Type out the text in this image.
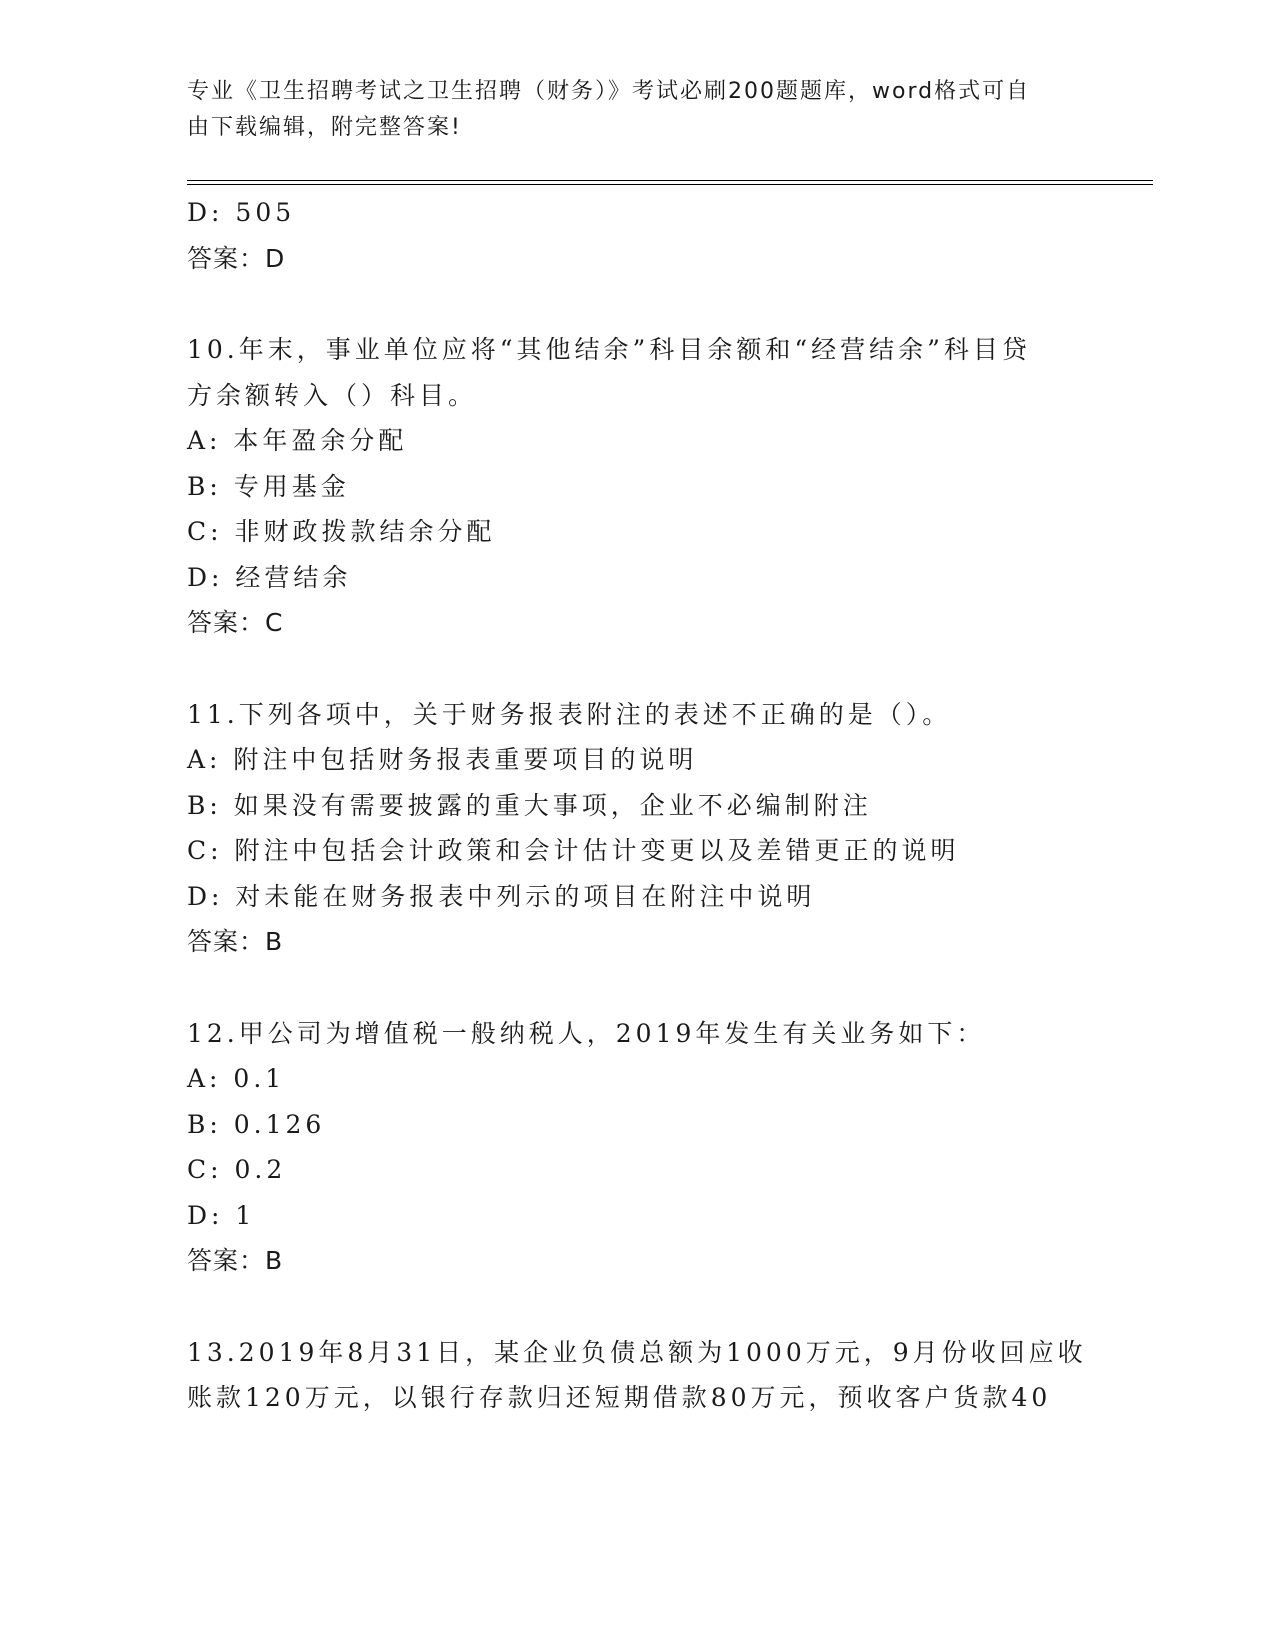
专业《卫生招聘考试之卫生招聘（财务）》考试必刷200题题库，word格式可自
由下载编辑，附完整答案!
D: 505
答案：D
10.年末，事业单位应将“其他结余”科目余额和“经营结余”科目贷
方余额转入（）科目。
A: 本年盈余分配
B: 专用基金
C: 非财政拨款结余分配
D: 经营结余
答案：C
11.下列各项中，关于财务报表附注的表述不正确的是（）。
A: 附注中包括财务报表重要项目的说明
B: 如果没有需要披露的重大事项，企业不必编制附注
C: 附注中包括会计政策和会计估计变更以及差错更正的说明
D: 对未能在财务报表中列示的项目在附注中说明
答案：B
12.甲公司为增值税一般纳税人，2019年发生有关业务如下：
A: 0.1
B: 0.126
C: 0.2
D: 1
答案：B
13.2019年8月31日，某企业负债总额为1000万元，9月份收回应收
账款120万元，以银行存款归还短期借款80万元，预收客户货款40
